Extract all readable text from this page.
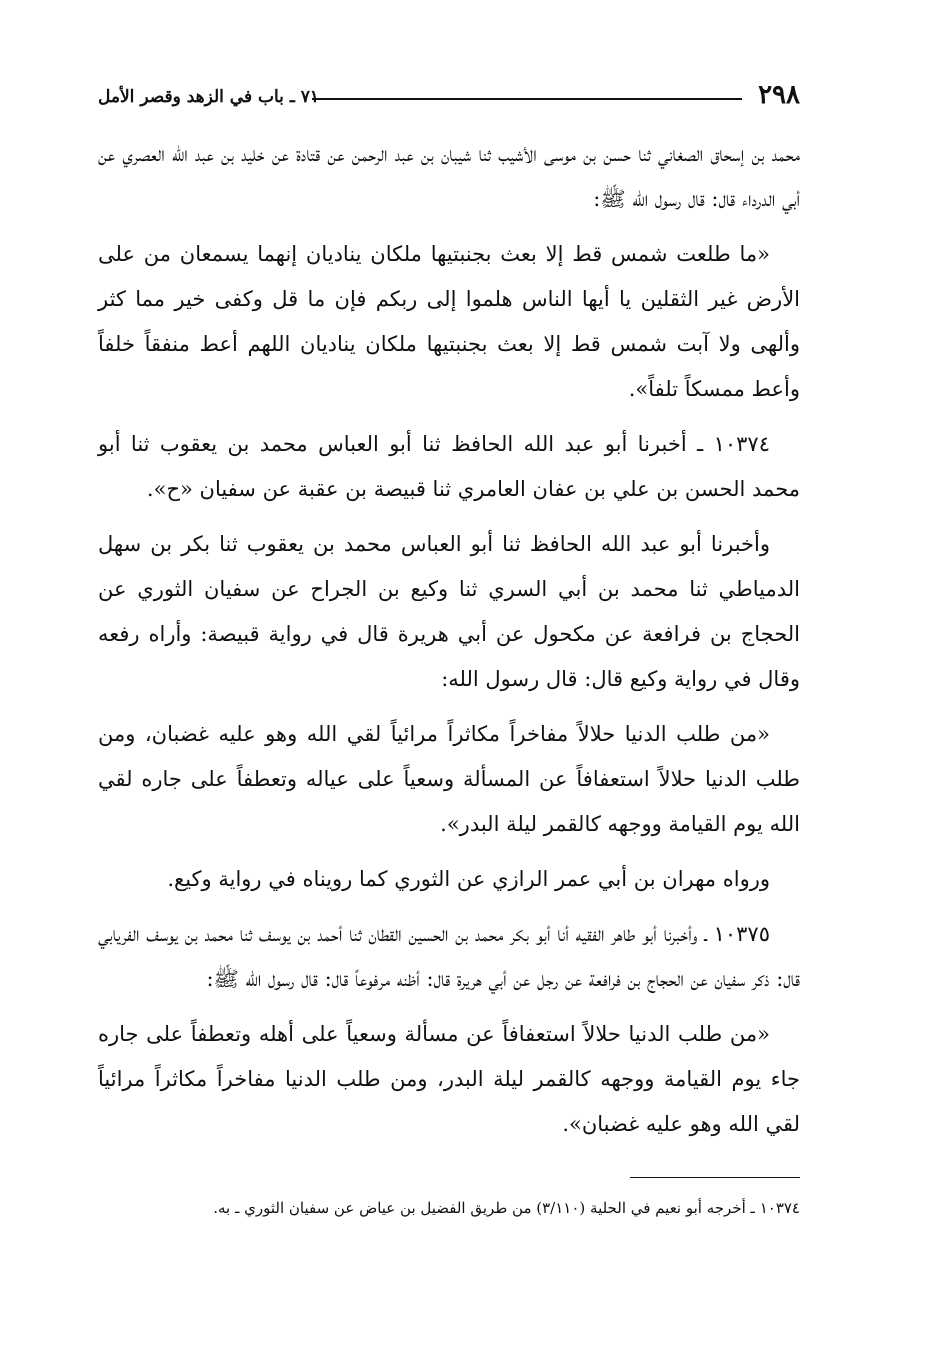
٢٩٨
٧١ ـ باب في الزهد وقصر الأمل

محمد بن إسحاق الصغاني ثنا حسن بن موسى الأشيب ثنا شيبان بن عبد الرحمن عن قتادة عن خليد بن عبد الله العصري عن أبي الدرداء قال: قال رسول الله ﷺ:

«ما طلعت شمس قط إلا بعث بجنبتيها ملكان يناديان إنهما يسمعان من على الأرض غير الثقلين يا أيها الناس هلموا إلى ربكم فإن ما قل وكفى خير مما كثر وألهى ولا آبت شمس قط إلا بعث بجنبتيها ملكان يناديان اللهم أعط منفقاً خلفاً وأعط ممسكاً تلفاً».

١٠٣٧٤ ـ أخبرنا أبو عبد الله الحافظ ثنا أبو العباس محمد بن يعقوب ثنا أبو محمد الحسن بن علي بن عفان العامري ثنا قبيصة بن عقبة عن سفيان «ح».

وأخبرنا أبو عبد الله الحافظ ثنا أبو العباس محمد بن يعقوب ثنا بكر بن سهل الدمياطي ثنا محمد بن أبي السري ثنا وكيع بن الجراح عن سفيان الثوري عن الحجاج بن فرافعة عن مكحول عن أبي هريرة قال في رواية قبيصة: وأراه رفعه وقال في رواية وكيع قال: قال رسول الله:

«من طلب الدنيا حلالاً مفاخراً مكاثراً مرائياً لقي الله وهو عليه غضبان، ومن طلب الدنيا حلالاً استعفافاً عن المسألة وسعياً على عياله وتعطفاً على جاره لقي الله يوم القيامة ووجهه كالقمر ليلة البدر».

ورواه مهران بن أبي عمر الرازي عن الثوري كما رويناه في رواية وكيع.

١٠٣٧٥ ـ وأخبرنا أبو طاهر الفقيه أنا أبو بكر محمد بن الحسين القطان ثنا أحمد بن يوسف ثنا محمد بن يوسف الفريابي قال: ذكر سفيان عن الحجاج بن فرافعة عن رجل عن أبي هريرة قال: أظنه مرفوعاً قال: قال رسول الله ﷺ:

«من طلب الدنيا حلالاً استعفافاً عن مسألة وسعياً على أهله وتعطفاً على جاره جاء يوم القيامة ووجهه كالقمر ليلة البدر، ومن طلب الدنيا مفاخراً مكاثراً مرائياً لقي الله وهو عليه غضبان».

١٠٣٧٤ ـ أخرجه أبو نعيم في الحلية (٣/١١٠) من طريق الفضيل بن عياض عن سفيان الثوري ـ به.
